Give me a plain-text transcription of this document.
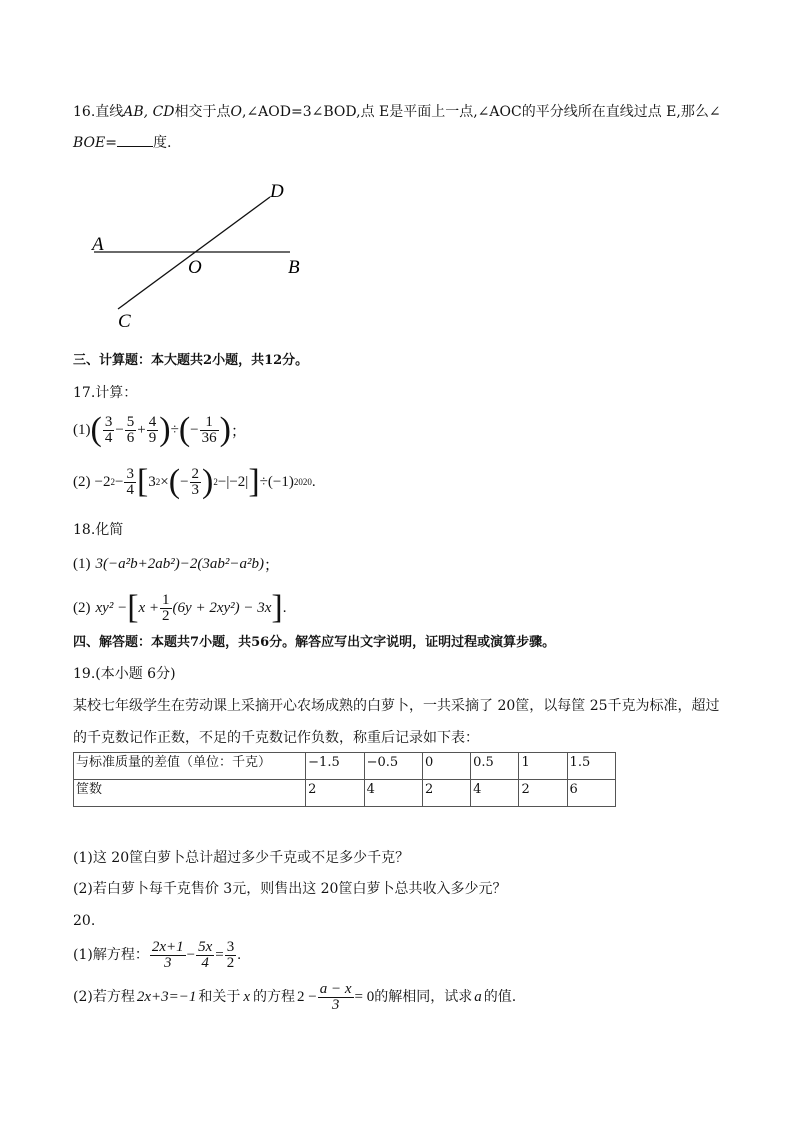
16.直线AB, CD相交于点O,∠AOD=3∠BOD,点 E是平面上一点,∠AOC的平分线所在直线过点 E,那么∠
BOE=	度.
A
O	B
C
D
三、计算题：本大题共2小题，共12分。
17.计算：
(1) ( $\frac{3}{4} - \frac{5}{6} + \frac{4}{9}$ ) ÷ ( − $\frac{1}{36}$ ) ；
(2) −2 $2 - \frac{3}{4}$ [ 3 2 × ( − $\frac{2}{3}$ ) 2 −| −2 | ] ÷(−1) 2020 .
18.化简
(1) 3(−a²b+2ab²)−2(3ab²−a²b) ；
(2) xy² − [ $x + \frac{1}{2} (6y + 2xy^2) - 3x$ ] .
四、解答题：本题共7小题，共56分。解答应写出文字说明，证明过程或演算步骤。
19.(本小题 6分)
某校七年级学生在劳动课上采摘开心农场成熟的白萝卜，一共采摘了 20筐，以每筐 25千克为标准，超过
的千克数记作正数，不足的千克数记作负数，称重后记录如下表：
与标准质量的差值（单位：千克）	−1.5	−0.5	0	0.5	1	1.5
筐数	2	4	2	4	2	6
(1)这 20筐白萝卜总计超过多少千克或不足多少千克？
(2)若白萝卜每千克售价 3元，则售出这 20筐白萝卜总共收入多少元？
20.
(1)解方程： $\frac{2x+1}{3} - \frac{5x}{4} = \frac{3}{2}$ .
(2)若方程 2x+3=−1 和关于 x 的方程 $2 - \frac{a - x}{3} = 0$ 的解相同，试求 a 的值.
